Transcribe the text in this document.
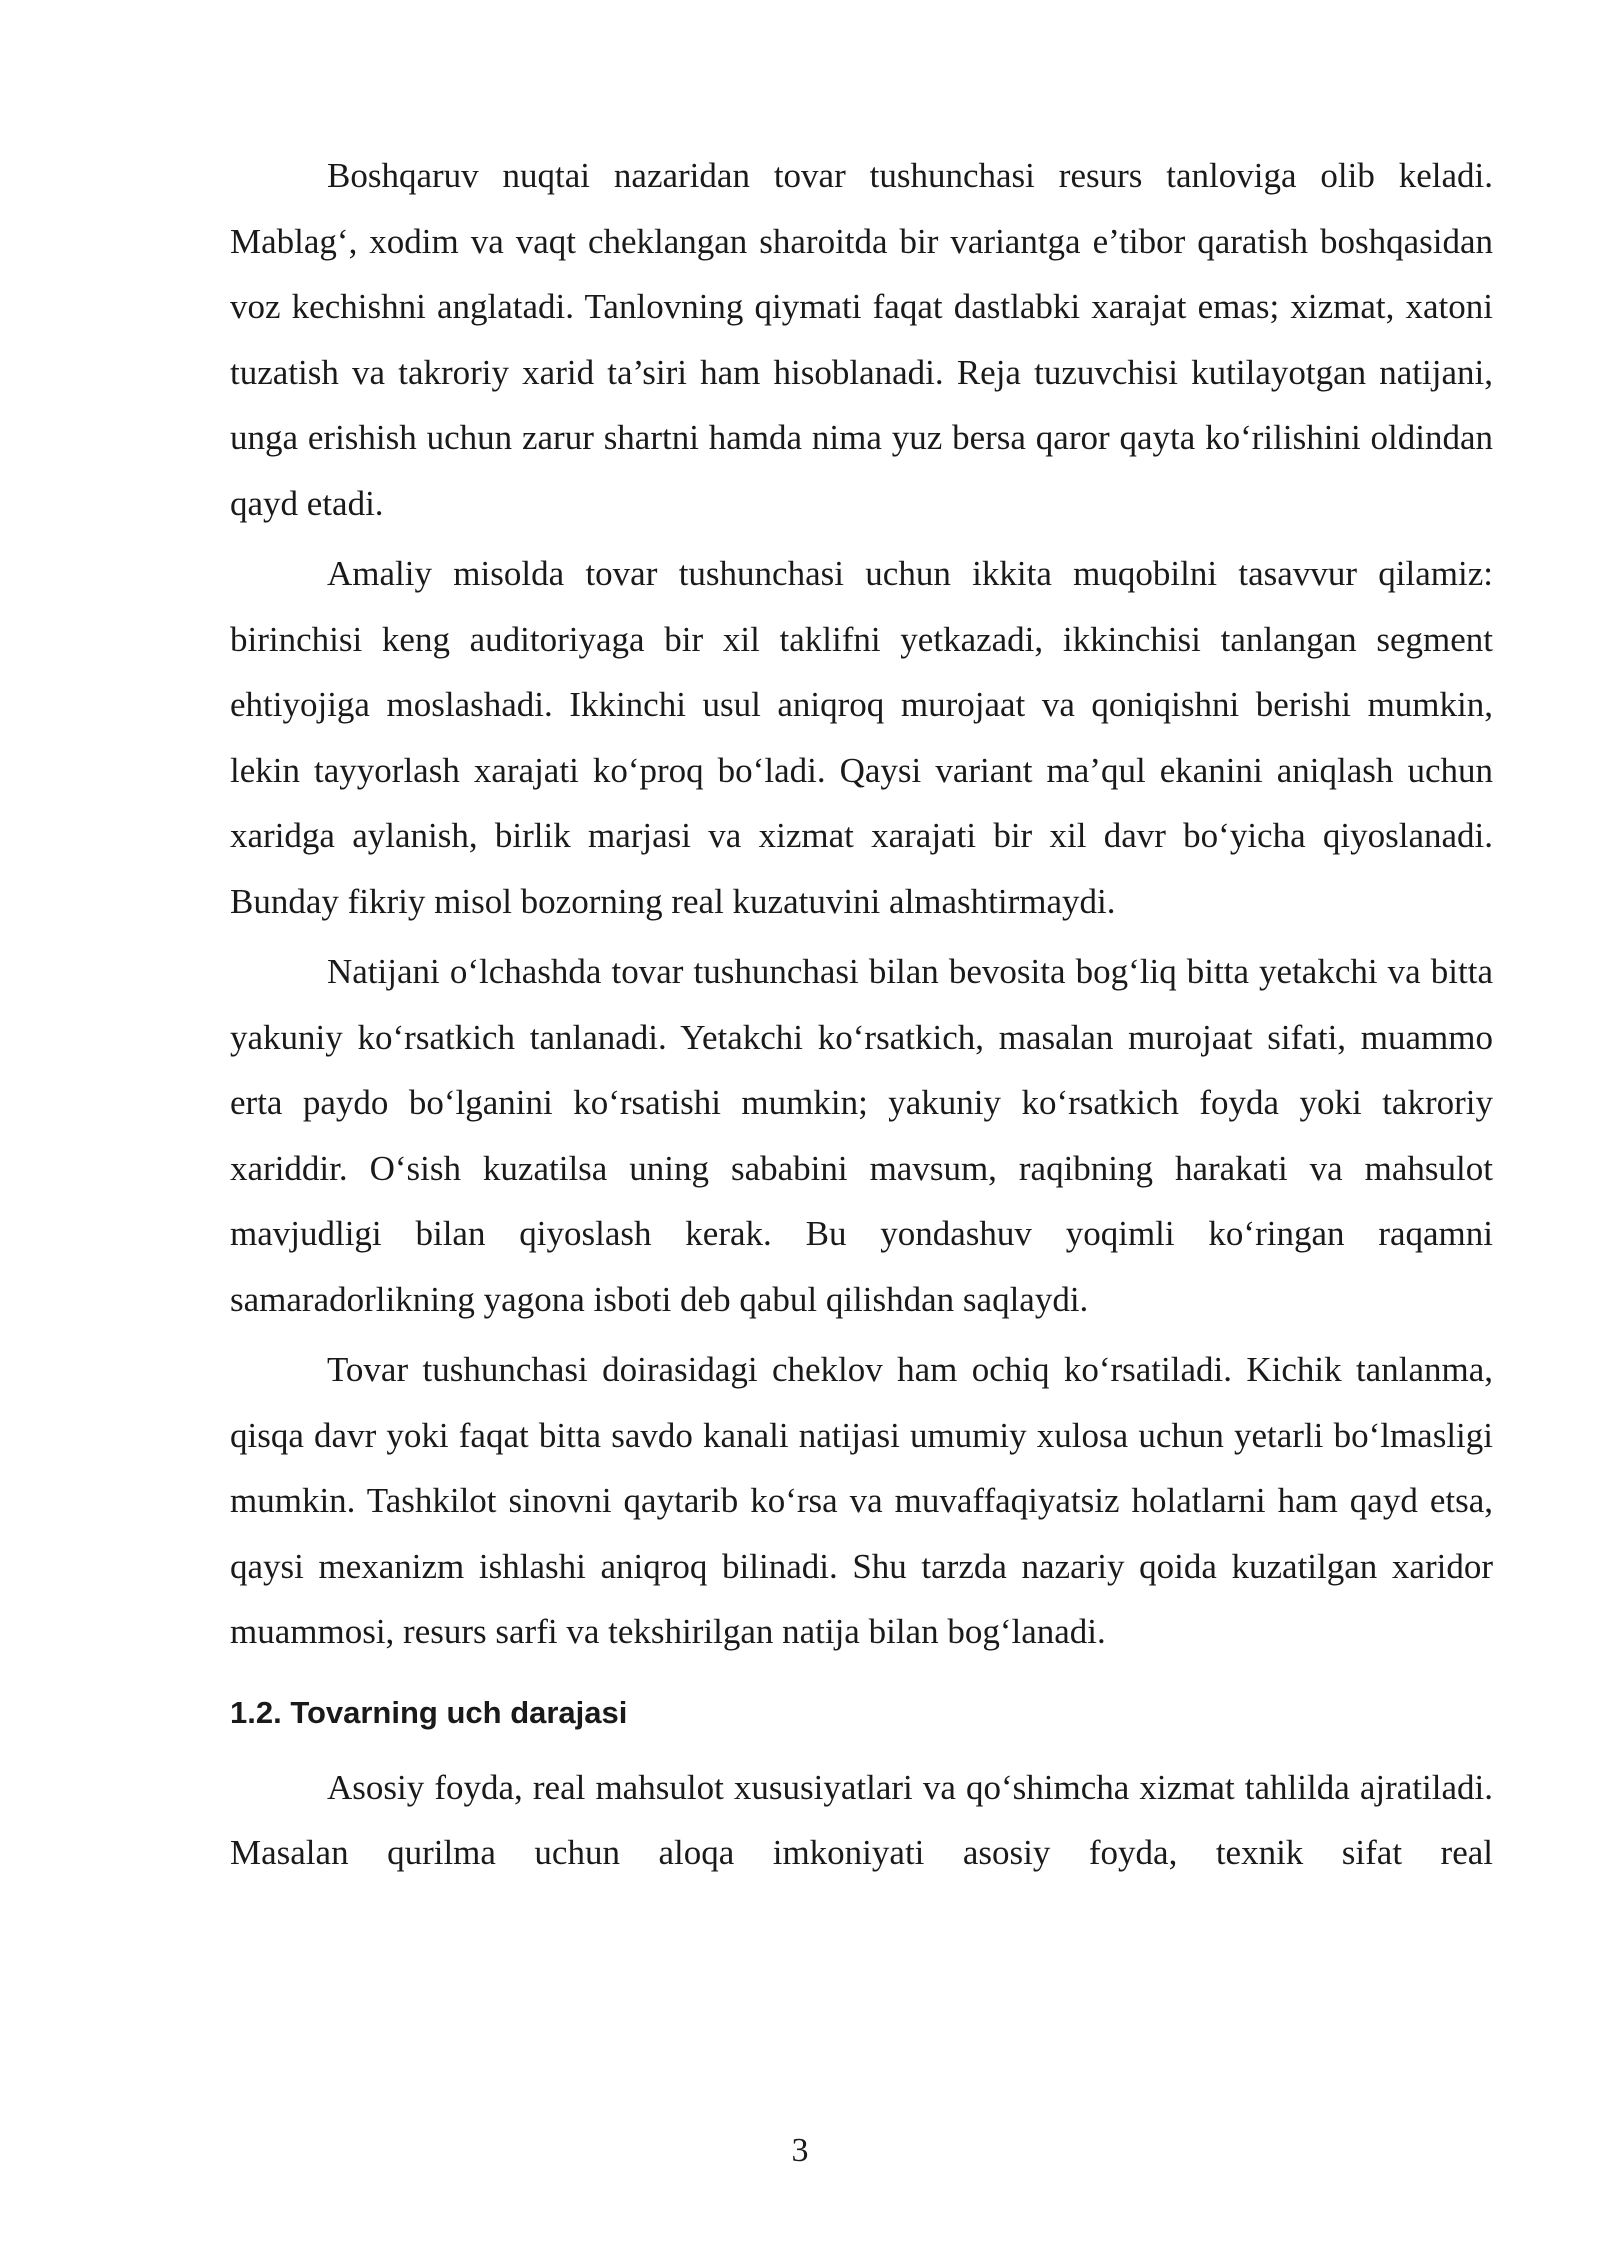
Boshqaruv nuqtai nazaridan tovar tushunchasi resurs tanloviga olib keladi. Mablag‘, xodim va vaqt cheklangan sharoitda bir variantga e’tibor qaratish boshqasidan voz kechishni anglatadi. Tanlovning qiymati faqat dastlabki xarajat emas; xizmat, xatoni tuzatish va takroriy xarid ta’siri ham hisoblanadi. Reja tuzuvchisi kutilayotgan natijani, unga erishish uchun zarur shartni hamda nima yuz bersa qaror qayta ko‘rilishini oldindan qayd etadi.

Amaliy misolda tovar tushunchasi uchun ikkita muqobilni tasavvur qilamiz: birinchisi keng auditoriyaga bir xil taklifni yetkazadi, ikkinchisi tanlangan segment ehtiyojiga moslashadi. Ikkinchi usul aniqroq murojaat va qoniqishni berishi mumkin, lekin tayyorlash xarajati ko‘proq bo‘ladi. Qaysi variant ma’qul ekanini aniqlash uchun xaridga aylanish, birlik marjasi va xizmat xarajati bir xil davr bo‘yicha qiyoslanadi. Bunday fikriy misol bozorning real kuzatuvini almashtirmaydi.

Natijani o‘lchashda tovar tushunchasi bilan bevosita bog‘liq bitta yetakchi va bitta yakuniy ko‘rsatkich tanlanadi. Yetakchi ko‘rsatkich, masalan murojaat sifati, muammo erta paydo bo‘lganini ko‘rsatishi mumkin; yakuniy ko‘rsatkich foyda yoki takroriy xariddir. O‘sish kuzatilsa uning sababini mavsum, raqibning harakati va mahsulot mavjudligi bilan qiyoslash kerak. Bu yondashuv yoqimli ko‘ringan raqamni samaradorlikning yagona isboti deb qabul qilishdan saqlaydi.

Tovar tushunchasi doirasidagi cheklov ham ochiq ko‘rsatiladi. Kichik tanlanma, qisqa davr yoki faqat bitta savdo kanali natijasi umumiy xulosa uchun yetarli bo‘lmasligi mumkin. Tashkilot sinovni qaytarib ko‘rsa va muvaffaqiyatsiz holatlarni ham qayd etsa, qaysi mexanizm ishlashi aniqroq bilinadi. Shu tarzda nazariy qoida kuzatilgan xaridor muammosi, resurs sarfi va tekshirilgan natija bilan bog‘lanadi.

1.2. Tovarning uch darajasi

Asosiy foyda, real mahsulot xususiyatlari va qo‘shimcha xizmat tahlilda ajratiladi. Masalan qurilma uchun aloqa imkoniyati asosiy foyda, texnik sifat real

3
